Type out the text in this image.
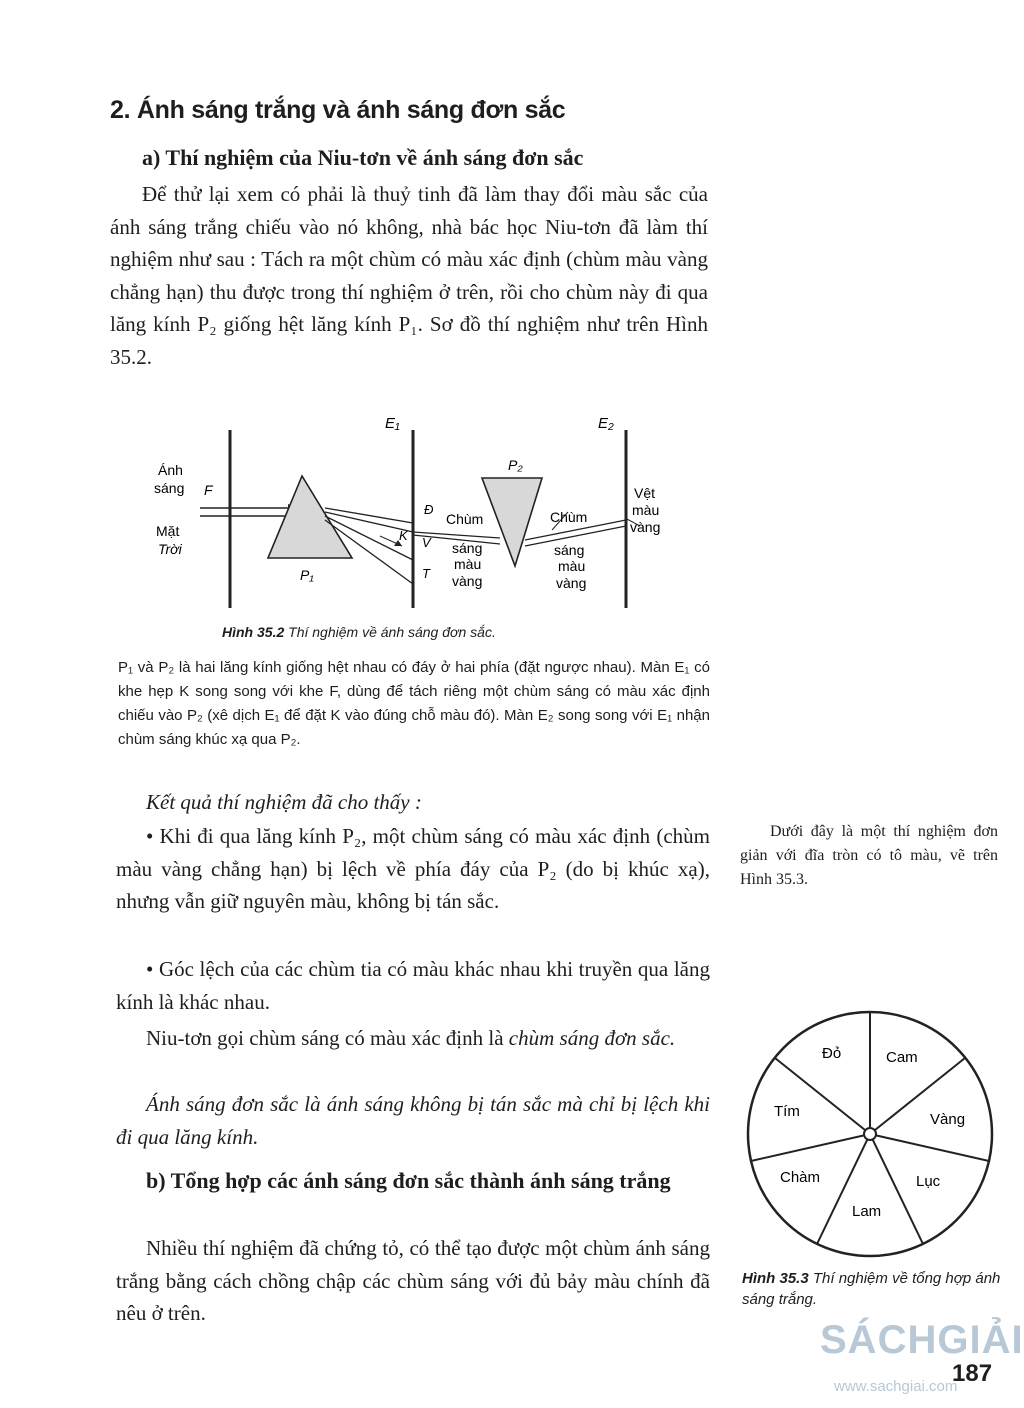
2. Ánh sáng trắng và ánh sáng đơn sắc
a) Thí nghiệm của Niu-tơn về ánh sáng đơn sắc
Để thử lại xem có phải là thuỷ tinh đã làm thay đổi màu sắc của ánh sáng trắng chiếu vào nó không, nhà bác học Niu-tơn đã làm thí nghiệm như sau : Tách ra một chùm có màu xác định (chùm màu vàng chẳng hạn) thu được trong thí nghiệm ở trên, rồi cho chùm này đi qua lăng kính P₂ giống hệt lăng kính P₁. Sơ đồ thí nghiệm như trên Hình 35.2.
E₁	E₂
Ánh
sáng F
Mặt
Trời
P₁
P₂
Đ
K V
T
Chùm
sáng
màu
vàng
Chùm
sáng
màu
vàng
Vệt
màu
vàng
Hình 35.2 Thí nghiệm về ánh sáng đơn sắc.
P₁ và P₂ là hai lăng kính giống hệt nhau có đáy ở hai phía (đặt ngược nhau). Màn E₁ có khe hẹp K song song với khe F, dùng để tách riêng một chùm sáng có màu xác định chiếu vào P₂ (xê dịch E₁ để đặt K vào đúng chỗ màu đó). Màn E₂ song song với E₁ nhận chùm sáng khúc xạ qua P₂.
Kết quả thí nghiệm đã cho thấy :
• Khi đi qua lăng kính P₂, một chùm sáng có màu xác định (chùm màu vàng chẳng hạn) bị lệch về phía đáy của P₂ (do bị khúc xạ), nhưng vẫn giữ nguyên màu, không bị tán sắc.
• Góc lệch của các chùm tia có màu khác nhau khi truyền qua lăng kính là khác nhau.
Niu-tơn gọi chùm sáng có màu xác định là chùm sáng đơn sắc.
Ánh sáng đơn sắc là ánh sáng không bị tán sắc mà chỉ bị lệch khi đi qua lăng kính.
b) Tổng hợp các ánh sáng đơn sắc thành ánh sáng trắng
Nhiều thí nghiệm đã chứng tỏ, có thể tạo được một chùm ánh sáng trắng bằng cách chồng chập các chùm sáng với đủ bảy màu chính đã nêu ở trên.
Dưới đây là một thí nghiệm đơn giản với đĩa tròn có tô màu, vẽ trên Hình 35.3.
Đỏ	Cam
Vàng
Lục
Lam
Chàm
Tím
Hình 35.3 Thí nghiệm về tổng hợp ánh sáng trắng.
SÁCHGIẢI
www.sachgiai.com
187
